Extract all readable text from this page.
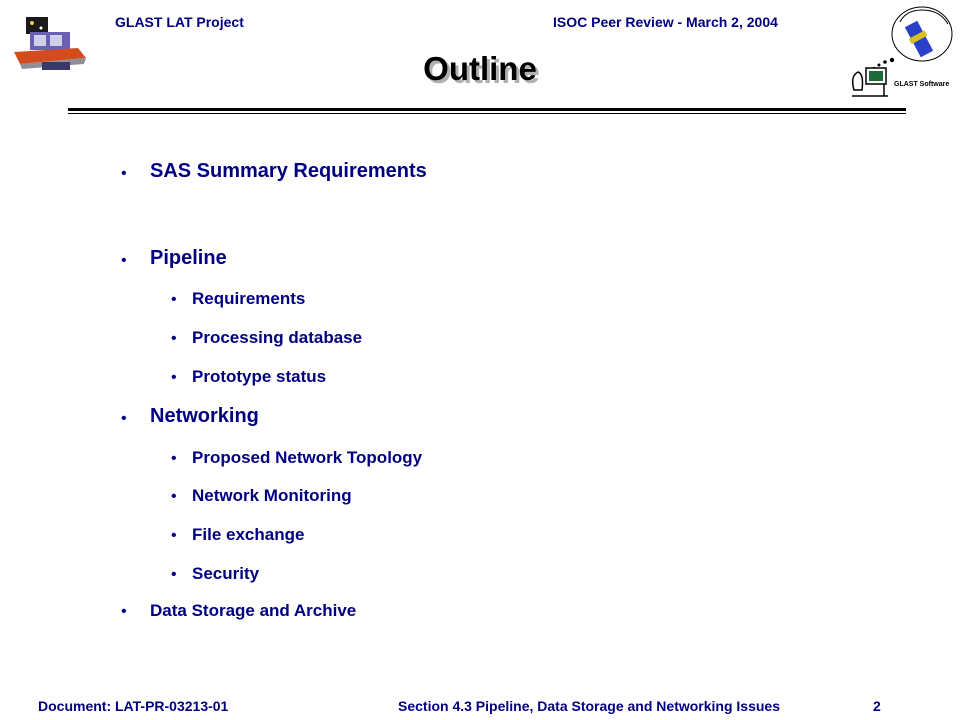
GLAST LAT Project	ISOC Peer Review - March 2, 2004
GLAST Software
Outline
• SAS Summary Requirements
• Pipeline
• Requirements
• Processing database
• Prototype status
• Networking
• Proposed Network Topology
• Network Monitoring
• File exchange
• Security
• Data Storage and Archive
Document: LAT-PR-03213-01	Section 4.3 Pipeline, Data Storage and Networking Issues	2
